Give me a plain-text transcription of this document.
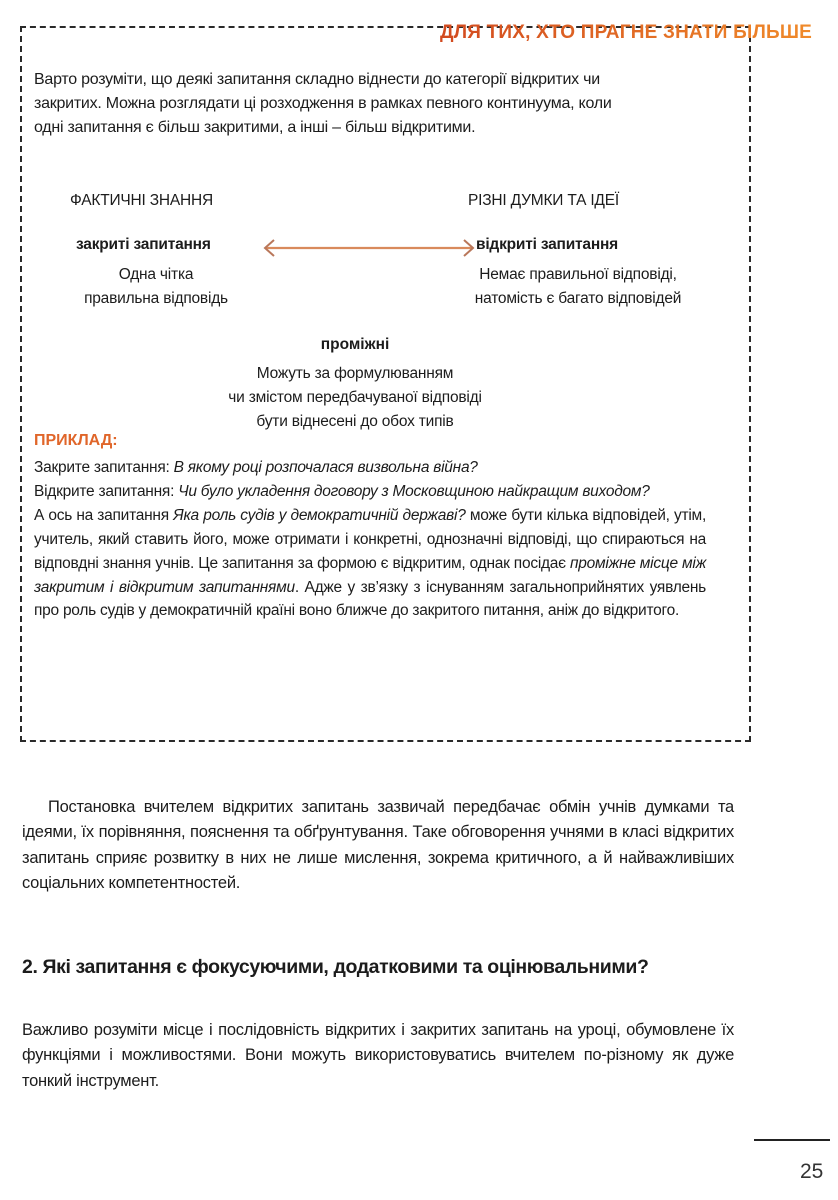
ДЛЯ ТИХ, ХТО ПРАГНЕ ЗНАТИ БІЛЬШЕ
Варто розуміти, що деякі запитання складно віднести до категорії відкритих чи
закритих. Можна розглядати ці розходження в рамках певного континуума, коли
одні запитання є більш закритими, а інші – більш відкритими.
ФАКТИЧНІ ЗНАННЯ	РІЗНІ ДУМКИ ТА ІДЕЇ
закриті запитання	відкриті запитання
Одна чітка
правильна відповідь
Немає правильної відповіді,
натомість є багато відповідей
проміжні
Можуть за формулюванням
чи змістом передбачуваної відповіді
бути віднесені до обох типів
ПРИКЛАД:

Закрите запитання: В якому році розпочалася визвольна війна?

Відкрите запитання: Чи було укладення договору з Московщиною найкращим виходом?

А ось на запитання Яка роль судів у демократичній державі? може бути кілька відповідей, утім, учитель, який ставить його, може отримати і конкретні, однозначні відповіді, що спираються на відповдні знання учнів. Це запитання за формою є відкритим, однак посідає проміжне місце між закритим і відкритим запитаннями. Адже у зв’язку з існуванням загальноприйнятих уявлень про роль судів у демократичній країні воно ближче до закритого питання, аніж до відкритого.

Постановка вчителем відкритих запитань зазвичай передбачає обмін учнів думками та ідеями, їх порівняння, пояснення та обґрунтування. Таке обговорення учнями в класі відкритих запитань сприяє розвитку в них не лише мислення, зокрема критичного, а й найважливіших соціальних компетентностей.
2. Які запитання є фокусуючими, додатковими та оцінювальними?
Важливо розуміти місце і послідовність відкритих і закритих запитань на уроці, обумовлене їх функціями і можливостями. Вони можуть використовуватись вчителем по-різному як дуже тонкий інструмент.
25
